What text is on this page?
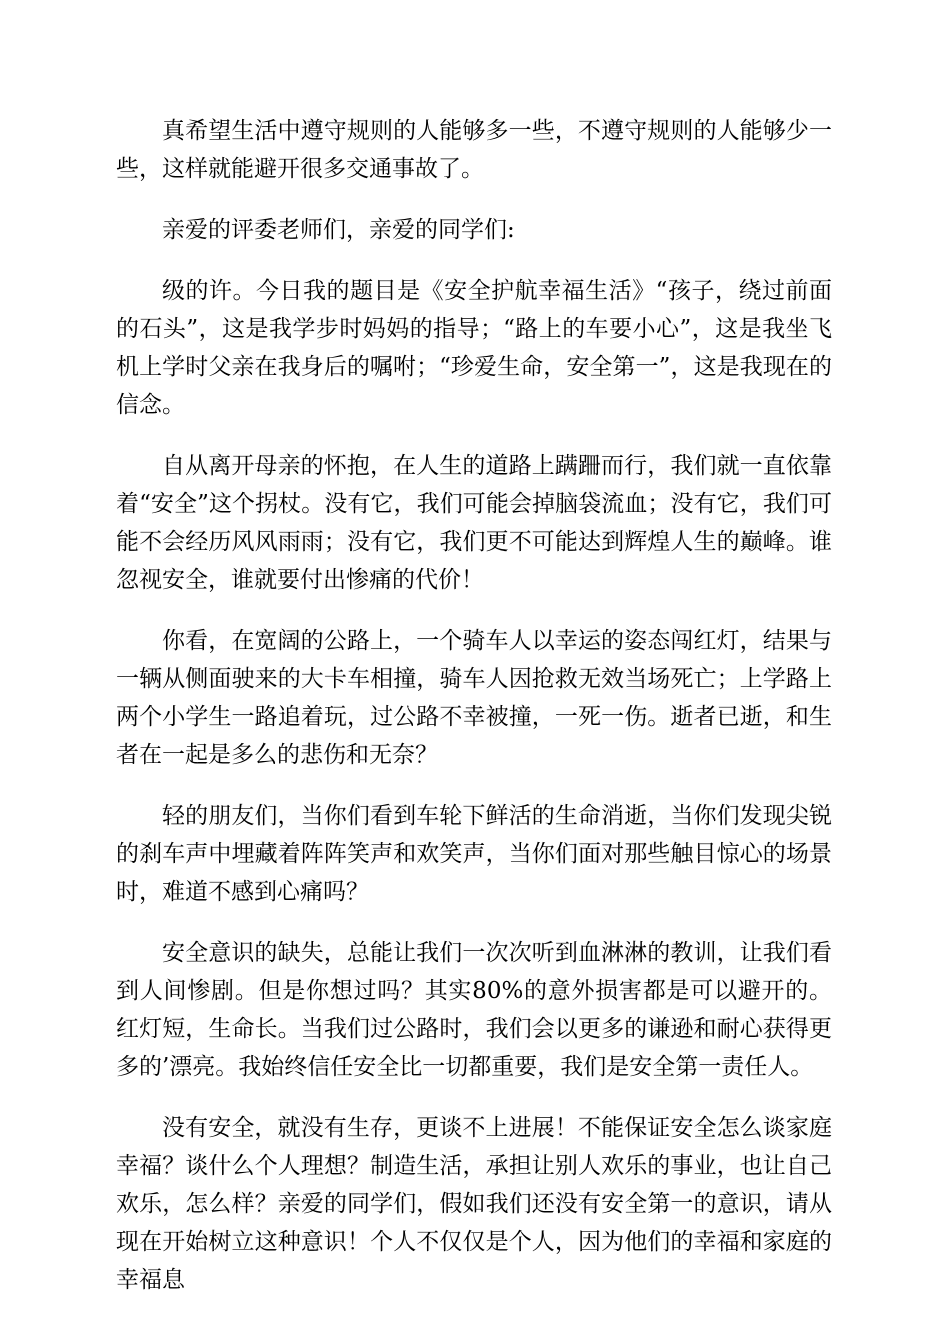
真希望生活中遵守规则的人能够多一些，不遵守规则的人能够少一些，这样就能避开很多交通事故了。

亲爱的评委老师们，亲爱的同学们:

级的许。今日我的题目是《安全护航幸福生活》“孩子，绕过前面的石头”，这是我学步时妈妈的指导；“路上的车要小心”，这是我坐飞机上学时父亲在我身后的嘱咐；“珍爱生命，安全第一”，这是我现在的信念。

自从离开母亲的怀抱，在人生的道路上蹒跚而行，我们就一直依靠着“安全”这个拐杖。没有它，我们可能会掉脑袋流血；没有它，我们可能不会经历风风雨雨；没有它，我们更不可能达到辉煌人生的巅峰。谁忽视安全，谁就要付出惨痛的代价！

你看，在宽阔的公路上，一个骑车人以幸运的姿态闯红灯，结果与一辆从侧面驶来的大卡车相撞，骑车人因抢救无效当场死亡；上学路上两个小学生一路追着玩，过公路不幸被撞，一死一伤。逝者已逝，和生者在一起是多么的悲伤和无奈？

轻的朋友们，当你们看到车轮下鲜活的生命消逝，当你们发现尖锐的刹车声中埋藏着阵阵笑声和欢笑声，当你们面对那些触目惊心的场景时，难道不感到心痛吗？

安全意识的缺失，总能让我们一次次听到血淋淋的教训，让我们看到人间惨剧。但是你想过吗？其实80%的意外损害都是可以避开的。红灯短，生命长。当我们过公路时，我们会以更多的谦逊和耐心获得更多的’漂亮。我始终信任安全比一切都重要，我们是安全第一责任人。

没有安全，就没有生存，更谈不上进展！不能保证安全怎么谈家庭幸福？谈什么个人理想？制造生活，承担让别人欢乐的事业，也让自己欢乐，怎么样？亲爱的同学们，假如我们还没有安全第一的意识，请从现在开始树立这种意识！个人不仅仅是个人，因为他们的幸福和家庭的幸福息
